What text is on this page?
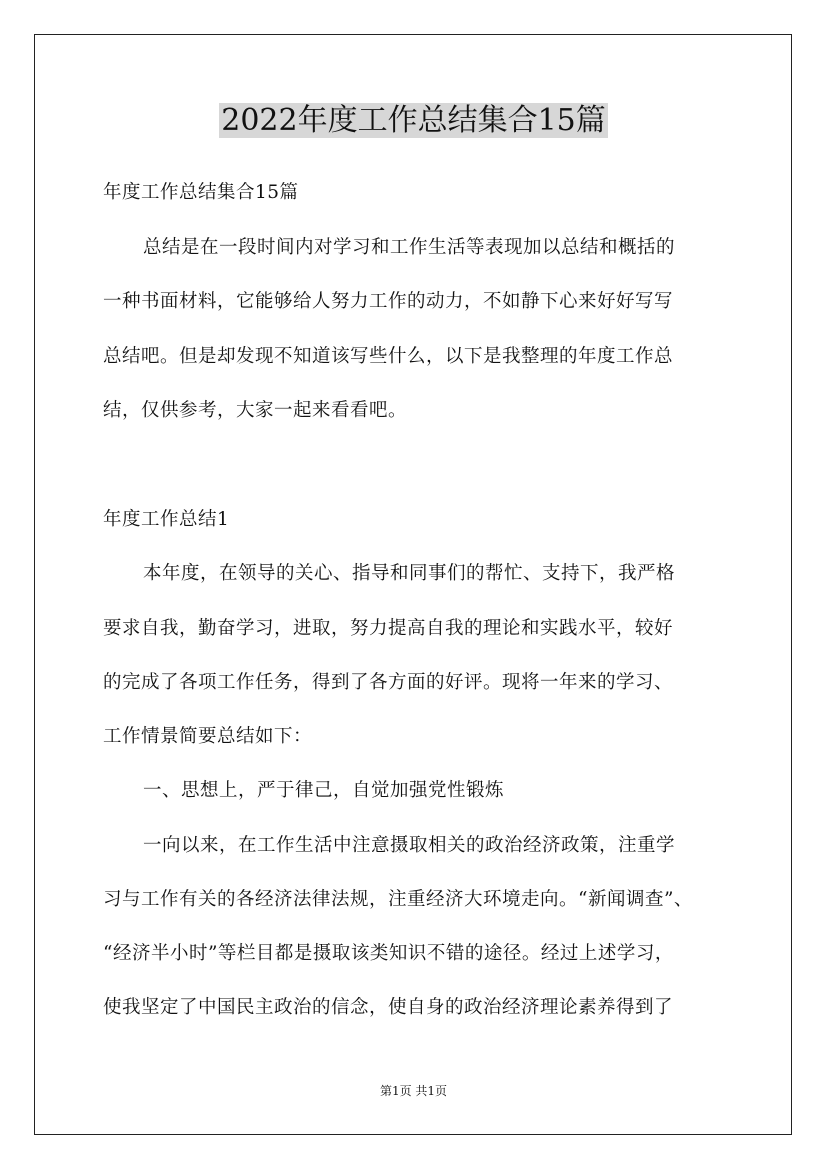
2022年度工作总结集合15篇
年度工作总结集合15篇
总结是在一段时间内对学习和工作生活等表现加以总结和概括的
一种书面材料，它能够给人努力工作的动力，不如静下心来好好写写
总结吧。但是却发现不知道该写些什么，以下是我整理的年度工作总
结，仅供参考，大家一起来看看吧。
年度工作总结1
本年度，在领导的关心、指导和同事们的帮忙、支持下，我严格
要求自我，勤奋学习，进取，努力提高自我的理论和实践水平，较好
的完成了各项工作任务，得到了各方面的好评。现将一年来的学习、
工作情景简要总结如下：
一、思想上，严于律己，自觉加强党性锻炼
一向以来，在工作生活中注意摄取相关的政治经济政策，注重学
习与工作有关的各经济法律法规，注重经济大环境走向。“新闻调查”、
“经济半小时”等栏目都是摄取该类知识不错的途径。经过上述学习，
使我坚定了中国民主政治的信念，使自身的政治经济理论素养得到了
第1页 共1页
